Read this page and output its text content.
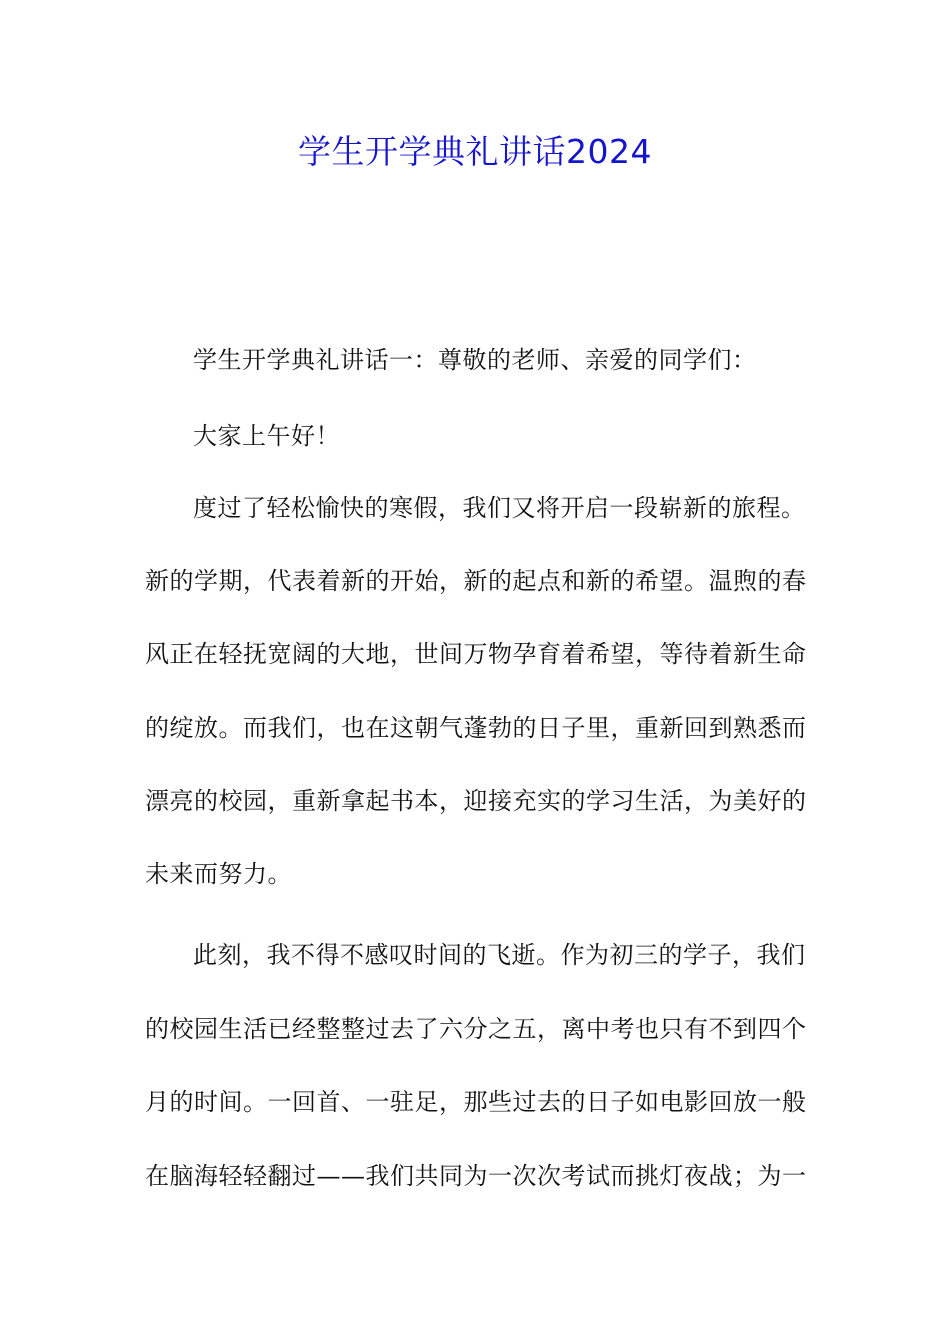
学生开学典礼讲话2024
学生开学典礼讲话一：尊敬的老师、亲爱的同学们：
大家上午好！
度过了轻松愉快的寒假，我们又将开启一段崭新的旅程。
新的学期，代表着新的开始，新的起点和新的希望。温煦的春
风正在轻抚宽阔的大地，世间万物孕育着希望，等待着新生命
的绽放。而我们，也在这朝气蓬勃的日子里，重新回到熟悉而
漂亮的校园，重新拿起书本，迎接充实的学习生活，为美好的
未来而努力。
此刻，我不得不感叹时间的飞逝。作为初三的学子，我们
的校园生活已经整整过去了六分之五，离中考也只有不到四个
月的时间。一回首、一驻足，那些过去的日子如电影回放一般
在脑海轻轻翻过——我们共同为一次次考试而挑灯夜战；为一
